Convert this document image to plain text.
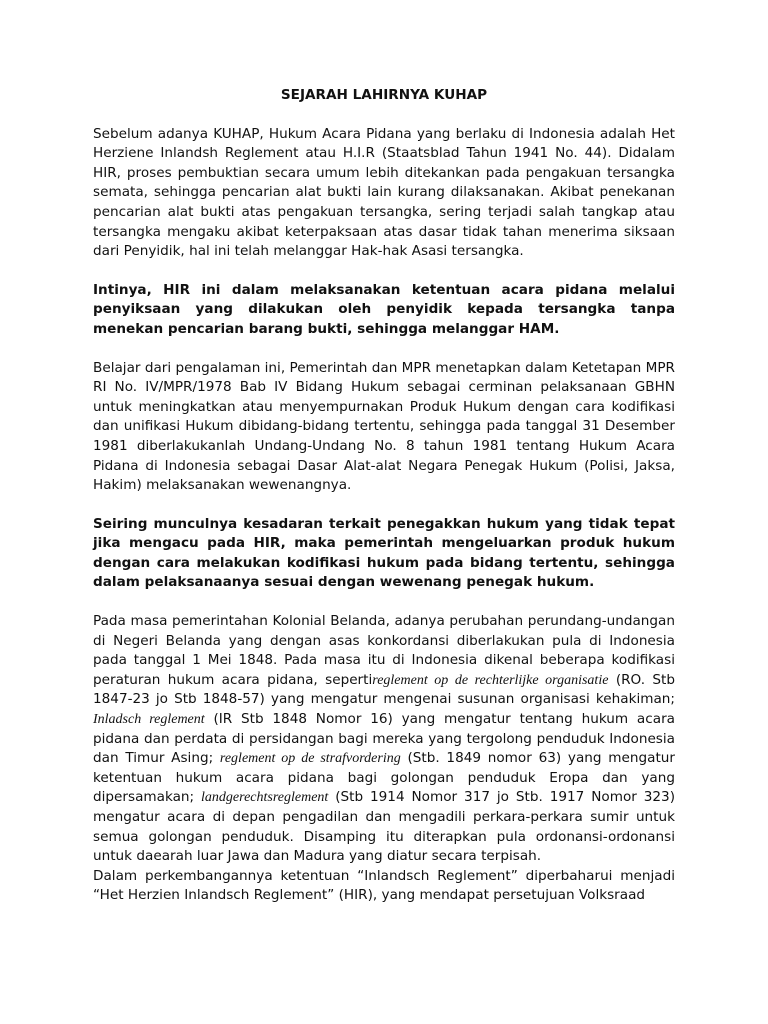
SEJARAH LAHIRNYA KUHAP

Sebelum adanya KUHAP, Hukum Acara Pidana yang berlaku di Indonesia adalah Het Herziene Inlandsh Reglement atau H.I.R (Staatsblad Tahun 1941 No. 44). Didalam HIR, proses pembuktian secara umum lebih ditekankan pada pengakuan tersangka semata, sehingga pencarian alat bukti lain kurang dilaksanakan. Akibat penekanan pencarian alat bukti atas pengakuan tersangka, sering terjadi salah tangkap atau tersangka mengaku akibat keterpaksaan atas dasar tidak tahan menerima siksaan dari Penyidik, hal ini telah melanggar Hak-hak Asasi tersangka.

Intinya, HIR ini dalam melaksanakan ketentuan acara pidana melalui penyiksaan yang dilakukan oleh penyidik kepada tersangka tanpa menekan pencarian barang bukti, sehingga melanggar HAM.

Belajar dari pengalaman ini, Pemerintah dan MPR menetapkan dalam Ketetapan MPR RI No. IV/MPR/1978 Bab IV Bidang Hukum sebagai cerminan pelaksanaan GBHN untuk meningkatkan atau menyempurnakan Produk Hukum dengan cara kodifikasi dan unifikasi Hukum dibidang-bidang tertentu, sehingga pada tanggal 31 Desember 1981 diberlakukanlah Undang-Undang No. 8 tahun 1981 tentang Hukum Acara Pidana di Indonesia sebagai Dasar Alat-alat Negara Penegak Hukum (Polisi, Jaksa, Hakim) melaksanakan wewenangnya.

Seiring munculnya kesadaran terkait penegakkan hukum yang tidak tepat jika mengacu pada HIR, maka pemerintah mengeluarkan produk hukum dengan cara melakukan kodifikasi hukum pada bidang tertentu, sehingga dalam pelaksanaanya sesuai dengan wewenang penegak hukum.

Pada masa pemerintahan Kolonial Belanda, adanya perubahan perundang-undangan di Negeri Belanda yang dengan asas konkordansi diberlakukan pula di Indonesia pada tanggal 1 Mei 1848. Pada masa itu di Indonesia dikenal beberapa kodifikasi peraturan hukum acara pidana, sepertireglement op de rechterlijke organisatie (RO. Stb 1847-23 jo Stb 1848-57) yang mengatur mengenai susunan organisasi kehakiman; Inladsch reglement (IR Stb 1848 Nomor 16) yang mengatur tentang hukum acara pidana dan perdata di persidangan bagi mereka yang tergolong penduduk Indonesia dan Timur Asing; reglement op de strafvordering (Stb. 1849 nomor 63) yang mengatur ketentuan hukum acara pidana bagi golongan penduduk Eropa dan yang dipersamakan; landgerechtsreglement (Stb 1914 Nomor 317 jo Stb. 1917 Nomor 323) mengatur acara di depan pengadilan dan mengadili perkara-perkara sumir untuk semua golongan penduduk. Disamping itu diterapkan pula ordonansi-ordonansi untuk daearah luar Jawa dan Madura yang diatur secara terpisah.

Dalam perkembangannya ketentuan “Inlandsch Reglement” diperbaharui menjadi “Het Herzien Inlandsch Reglement” (HIR), yang mendapat persetujuan Volksraad
